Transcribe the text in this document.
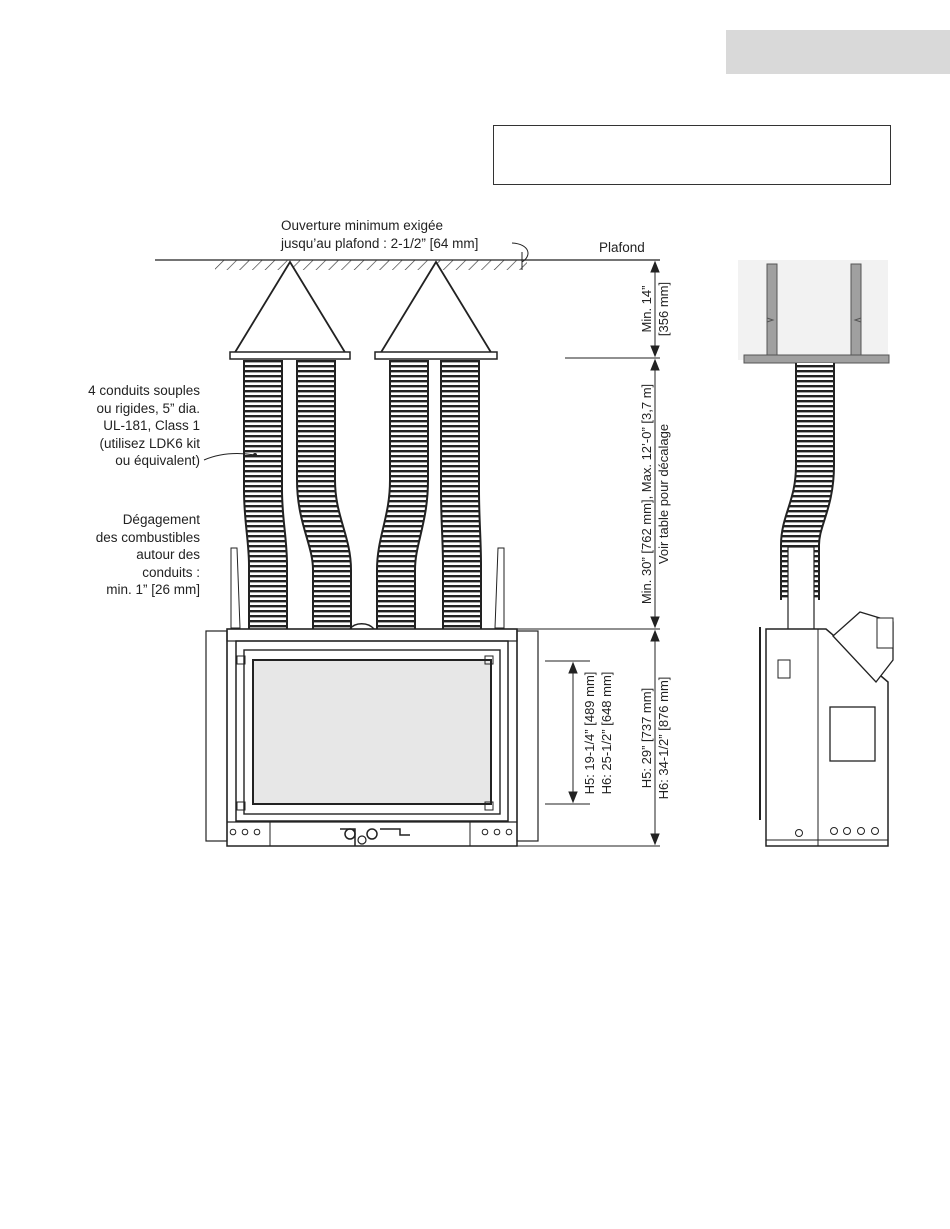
Ouverture minimum exigée
jusqu’au plafond : 2-1/2” [64 mm]	Plafond
4 conduits souples
ou rigides, 5” dia.
UL-181, Class 1
(utilisez LDK6 kit
ou équivalent)
Dégagement
des combustibles
autour des
conduits :
min. 1” [26 mm]
Min. 14” [356 mm]
Min. 30” [762 mm], Max. 12’-0” [3,7 m] Voir table pour décalage
H5: 19-1/4” [489 mm] H6: 25-1/2” [648 mm] H5: 29” [737 mm] H6: 34-1/2” [876 mm]
